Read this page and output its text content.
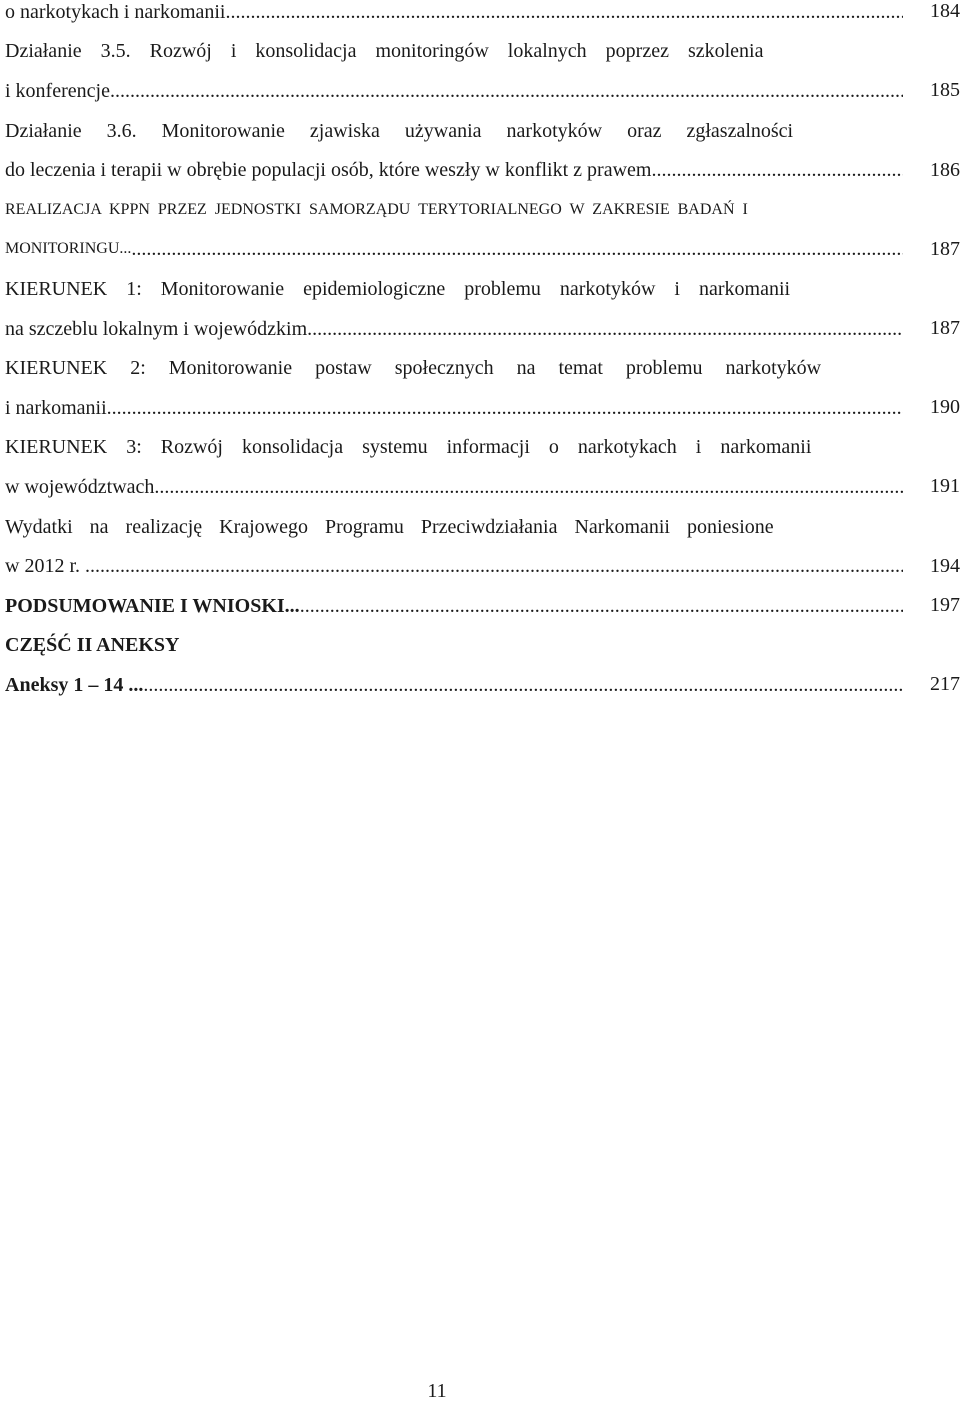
o narkotykach i narkomanii... .....	184
Działanie 3.5. Rozwój i konsolidacja monitoringów lokalnych poprzez szkolenia
i konferencje... .....	185
Działanie 3.6. Monitorowanie zjawiska używania narkotyków oraz zgłaszalności
do leczenia i terapii w obrębie populacji osób, które weszły w konflikt z prawem... .....	186
REALIZACJA KPPN PRZEZ JEDNOSTKI SAMORZĄDU TERYTORIALNEGO W ZAKRESIE BADAŃ I
MONITORINGU... .....	187
KIERUNEK 1: Monitorowanie epidemiologiczne problemu narkotyków i narkomanii
na szczeblu lokalnym i wojewódzkim... .....	187
KIERUNEK 2: Monitorowanie postaw społecznych na temat problemu narkotyków
i narkomanii... .....	190
KIERUNEK 3: Rozwój konsolidacja systemu informacji o narkotykach i narkomanii
w województwach... .....	191
Wydatki na realizację Krajowego Programu Przeciwdziałania Narkomanii poniesione
w 2012 r. ... .....	194
PODSUMOWANIE I WNIOSKI... .....	197
CZĘŚĆ II ANEKSY
Aneksy 1 – 14 ... .....	217
11
